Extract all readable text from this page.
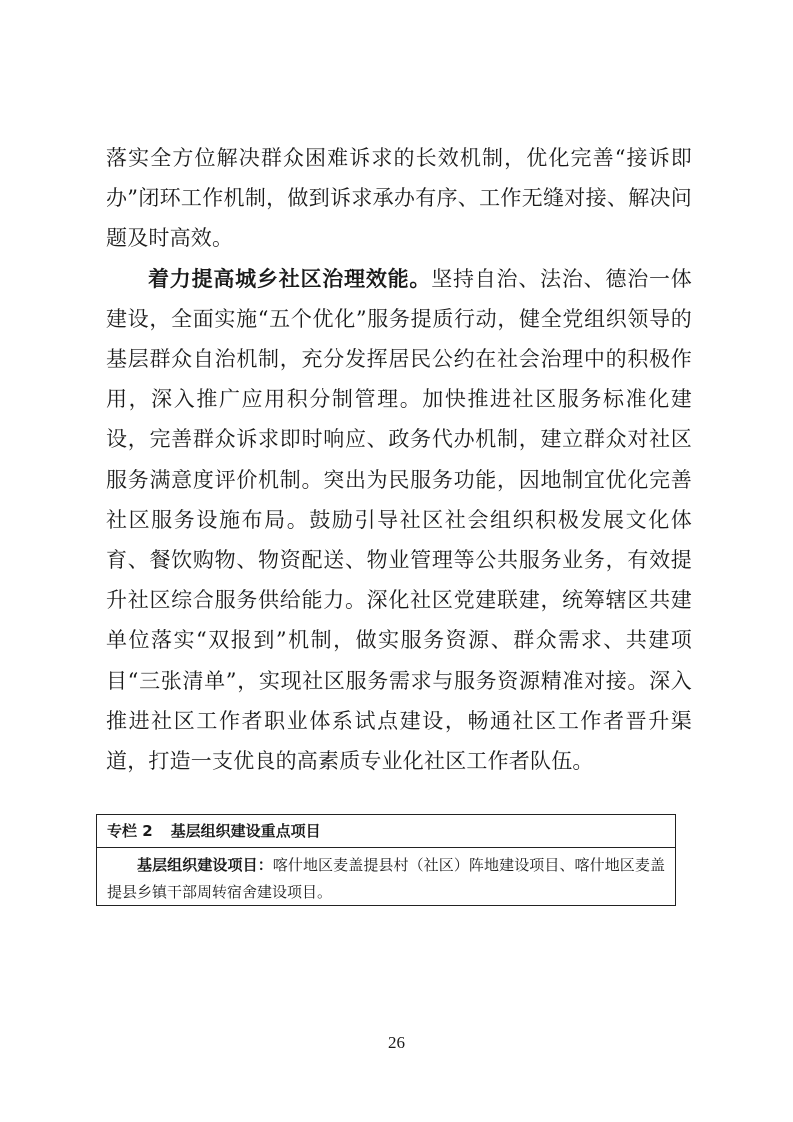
落实全方位解决群众困难诉求的长效机制，优化完善“接诉即办”闭环工作机制，做到诉求承办有序、工作无缝对接、解决问题及时高效。

着力提高城乡社区治理效能。坚持自治、法治、德治一体建设，全面实施“五个优化”服务提质行动，健全党组织领导的基层群众自治机制，充分发挥居民公约在社会治理中的积极作用，深入推广应用积分制管理。加快推进社区服务标准化建设，完善群众诉求即时响应、政务代办机制，建立群众对社区服务满意度评价机制。突出为民服务功能，因地制宜优化完善社区服务设施布局。鼓励引导社区社会组织积极发展文化体育、餐饮购物、物资配送、物业管理等公共服务业务，有效提升社区综合服务供给能力。深化社区党建联建，统筹辖区共建单位落实“双报到”机制，做实服务资源、群众需求、共建项目“三张清单”，实现社区服务需求与服务资源精准对接。深入推进社区工作者职业体系试点建设，畅通社区工作者晋升渠道，打造一支优良的高素质专业化社区工作者队伍。

专栏 2 基层组织建设重点项目

基层组织建设项目：喀什地区麦盖提县村（社区）阵地建设项目、喀什地区麦盖提县乡镇干部周转宿舍建设项目。

26
